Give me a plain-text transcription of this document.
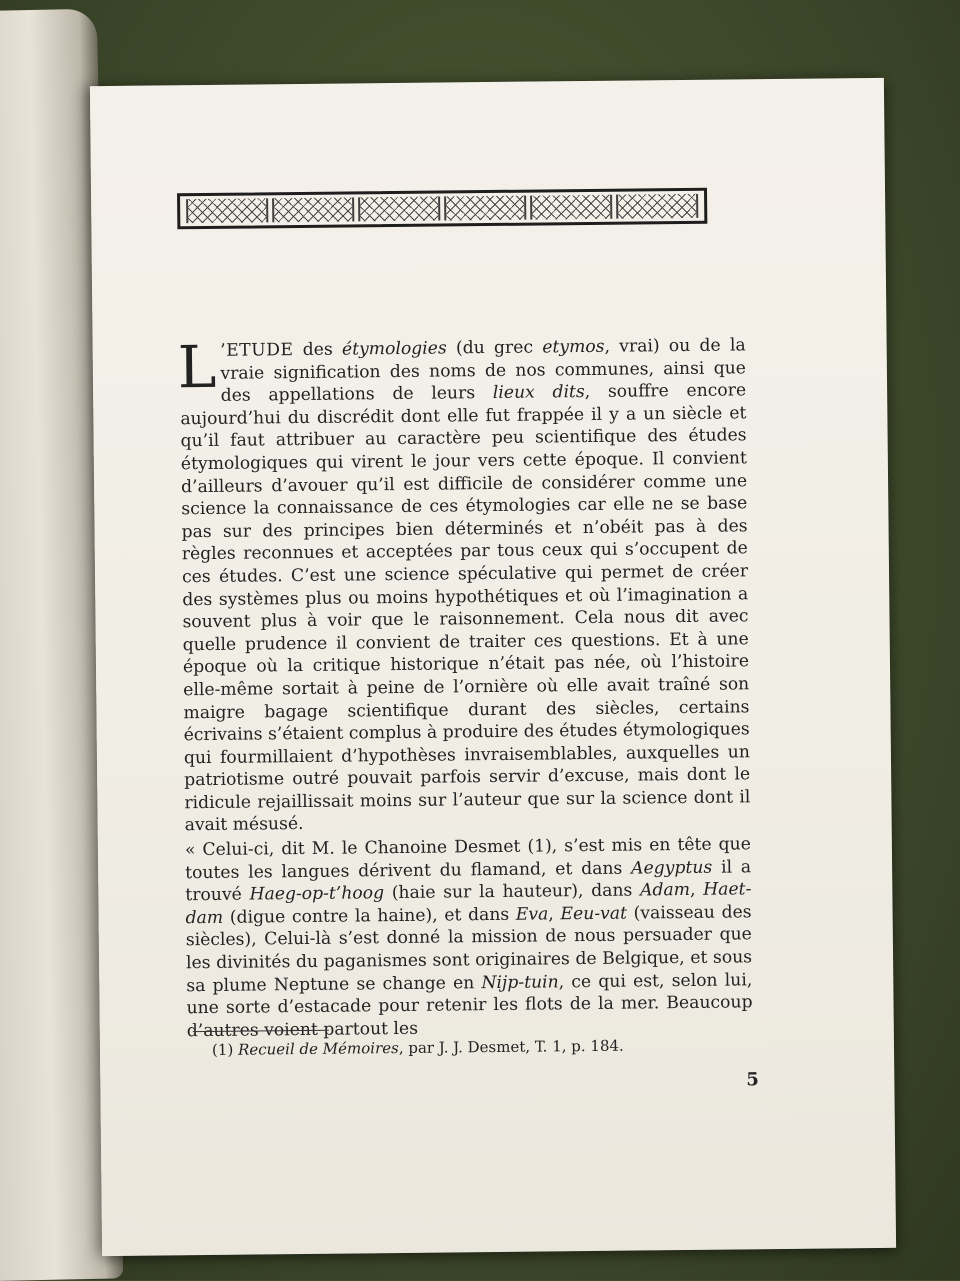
L ’ETUDE des étymologies (du grec etymos, vrai) ou de la vraie signification des noms de nos communes, ainsi que des appellations de leurs lieux dits, souffre encore aujourd’hui du discrédit dont elle fut frappée il y a un siècle et qu’il faut attribuer au caractère peu scientifique des études étymologiques qui virent le jour vers cette époque. Il convient d’ailleurs d’avouer qu’il est difficile de considérer comme une science la connaissance de ces étymologies car elle ne se base pas sur des principes bien déterminés et n’obéit pas à des règles reconnues et acceptées par tous ceux qui s’occupent de ces études. C’est une science spéculative qui permet de créer des systèmes plus ou moins hypothétiques et où l’imagination a souvent plus à voir que le raisonnement. Cela nous dit avec quelle prudence il convient de traiter ces questions. Et à une époque où la critique historique n’était pas née, où l’histoire elle-même sortait à peine de l’ornière où elle avait traîné son maigre bagage scientifique durant des siècles, certains écrivains s’étaient complus à produire des études étymologiques qui fourmillaient d’hypothèses invraisemblables, auxquelles un patriotisme outré pouvait parfois servir d’excuse, mais dont le ridicule rejaillissait moins sur l’auteur que sur la science dont il avait mésusé.

« Celui-ci, dit M. le Chanoine Desmet (1), s’est mis en tête que toutes les langues dérivent du flamand, et dans Aegyptus il a trouvé Haeg-op-t’hoog (haie sur la hauteur), dans Adam, Haet-dam (digue contre la haine), et dans Eva, Eeu-vat (vaisseau des siècles), Celui-là s’est donné la mission de nous persuader que les divinités du paganismes sont originaires de Belgique, et sous sa plume Neptune se change en Nijp-tuin, ce qui est, selon lui, une sorte d’estacade pour retenir les flots de la mer. Beaucoup d’autres voient partout les

(1) Recueil de Mémoires, par J. J. Desmet, T. 1, p. 184.
5
